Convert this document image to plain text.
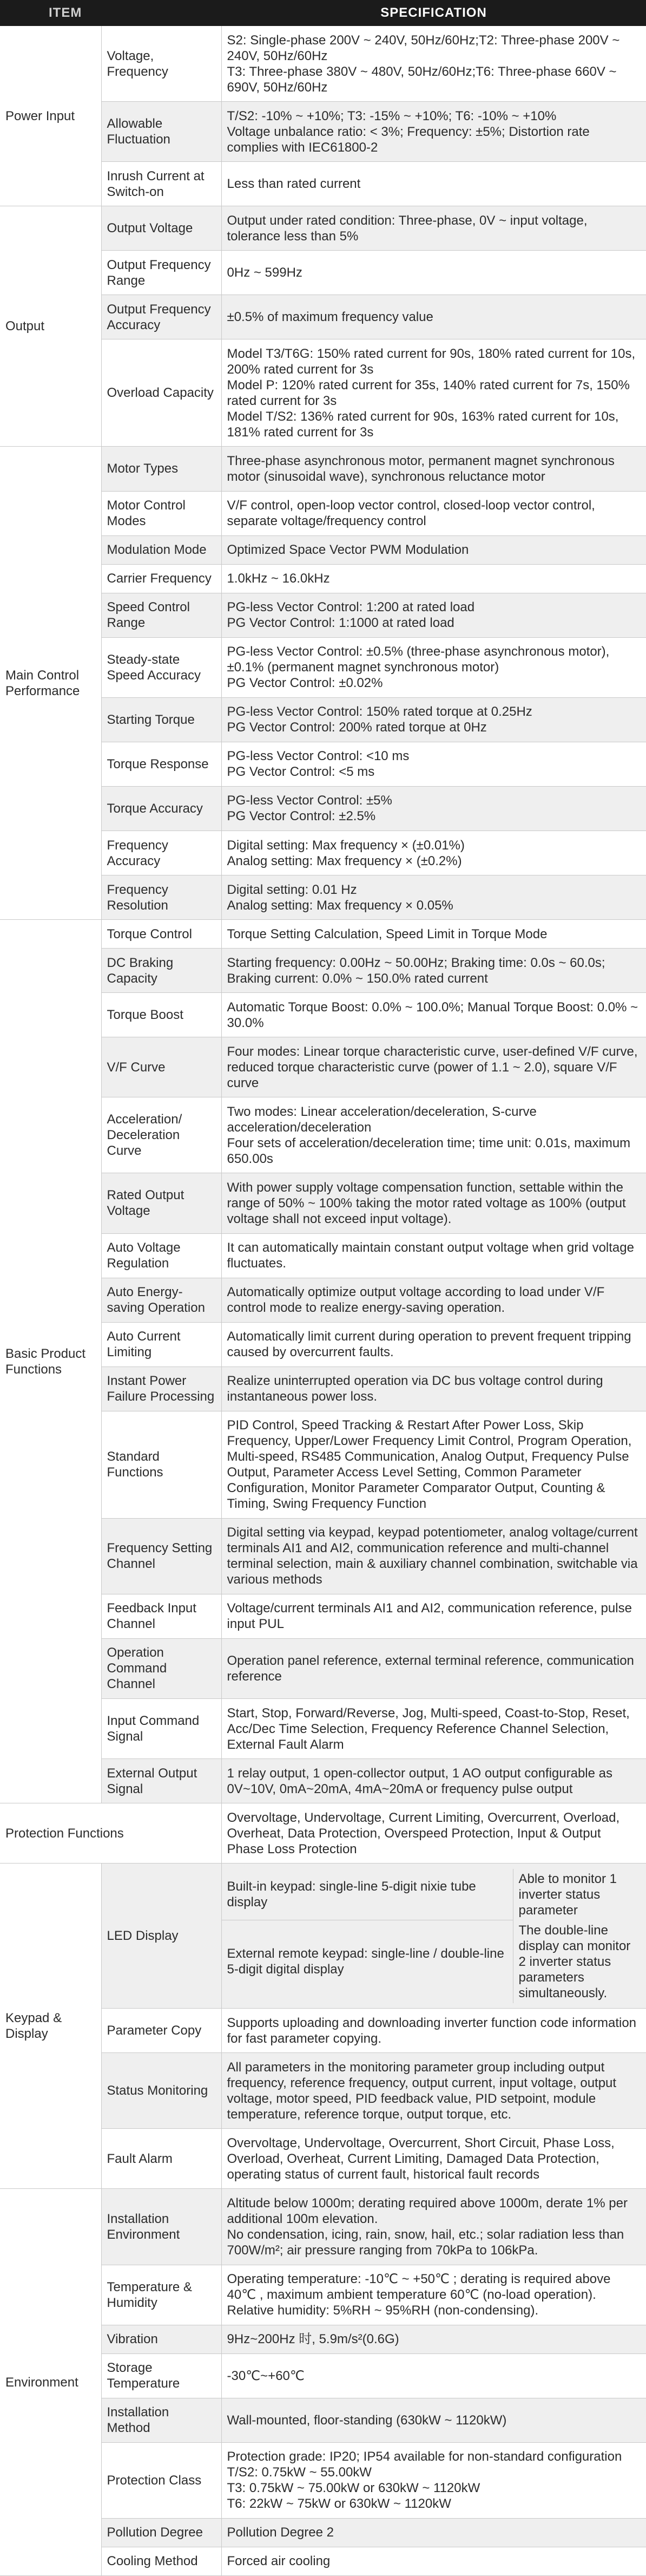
ITEM	SPECIFICATION
Power Input	Voltage, Frequency	
S2: Single-phase 200V ~ 240V, 50Hz/60Hz;T2: Three-phase 200V ~ 240V, 50Hz/60Hz
T3: Three-phase 380V ~ 480V, 50Hz/60Hz;T6: Three-phase 660V ~ 690V, 50Hz/60Hz

Allowable Fluctuation	
T/S2: -10% ~ +10%; T3: -15% ~ +10%; T6: -10% ~ +10%
Voltage unbalance ratio: < 3%; Frequency: ±5%; Distortion rate complies with IEC61800-2

Inrush Current at Switch-on	
Less than rated current

Output	Output Voltage	
Output under rated condition: Three-phase, 0V ~ input voltage, tolerance less than 5%

Output Frequency Range	
0Hz ~ 599Hz

Output Frequency Accuracy	
±0.5% of maximum frequency value

Overload Capacity	
Model T3/T6G: 150% rated current for 90s, 180% rated current for 10s, 200% rated current for 3s
Model P: 120% rated current for 35s, 140% rated current for 7s, 150% rated current for 3s
Model T/S2: 136% rated current for 90s, 163% rated current for 10s, 181% rated current for 3s

Main Control Performance	Motor Types	
Three-phase asynchronous motor, permanent magnet synchronous motor (sinusoidal wave), synchronous reluctance motor

Motor Control Modes	
V/F control, open-loop vector control, closed-loop vector control, separate voltage/frequency control

Modulation Mode	Optimized Space Vector PWM Modulation

Carrier Frequency	1.0kHz ~ 16.0kHz

Speed Control Range	
PG-less Vector Control: 1:200 at rated load
PG Vector Control: 1:1000 at rated load

Steady-state Speed Accuracy	
PG-less Vector Control: ±0.5% (three-phase asynchronous motor), ±0.1% (permanent magnet synchronous motor)
PG Vector Control: ±0.02%

Starting Torque	
PG-less Vector Control: 150% rated torque at 0.25Hz
PG Vector Control: 200% rated torque at 0Hz

Torque Response	
PG-less Vector Control: <10 ms
PG Vector Control: <5 ms

Torque Accuracy	
PG-less Vector Control: ±5%
PG Vector Control: ±2.5%

Frequency Accuracy	
Digital setting: Max frequency × (±0.01%)
Analog setting: Max frequency × (±0.2%)

Frequency Resolution	
Digital setting: 0.01 Hz
Analog setting: Max frequency × 0.05%

Basic Product Functions	Torque Control	Torque Setting Calculation, Speed Limit in Torque Mode

DC Braking Capacity	
Starting frequency: 0.00Hz ~ 50.00Hz; Braking time: 0.0s ~ 60.0s; Braking current: 0.0% ~ 150.0% rated current

Torque Boost	
Automatic Torque Boost: 0.0% ~ 100.0%; Manual Torque Boost: 0.0% ~ 30.0%

V/F Curve	
Four modes: Linear torque characteristic curve, user-defined V/F curve, reduced torque characteristic curve (power of 1.1 ~ 2.0), square V/F curve

Acceleration/ Deceleration Curve	
Two modes: Linear acceleration/deceleration, S-curve acceleration/deceleration
Four sets of acceleration/deceleration time; time unit: 0.01s, maximum 650.00s

Rated Output Voltage	
With power supply voltage compensation function, settable within the range of 50% ~ 100% taking the motor rated voltage as 100% (output voltage shall not exceed input voltage).

Auto Voltage Regulation	
It can automatically maintain constant output voltage when grid voltage fluctuates.

Auto Energy-saving Operation	
Automatically optimize output voltage according to load under V/F control mode to realize energy-saving operation.

Auto Current Limiting	
Automatically limit current during operation to prevent frequent tripping caused by overcurrent faults.

Instant Power Failure Processing	
Realize uninterrupted operation via DC bus voltage control during instantaneous power loss.

Standard Functions	
PID Control, Speed Tracking & Restart After Power Loss, Skip Frequency, Upper/Lower Frequency Limit Control, Program Operation, Multi-speed, RS485 Communication, Analog Output, Frequency Pulse Output, Parameter Access Level Setting, Common Parameter Configuration, Monitor Parameter Comparator Output, Counting & Timing, Swing Frequency Function

Frequency Setting Channel	
Digital setting via keypad, keypad potentiometer, analog voltage/current terminals AI1 and AI2, communication reference and multi-channel terminal selection, main & auxiliary channel combination, switchable via various methods

Feedback Input Channel	
Voltage/current terminals AI1 and AI2, communication reference, pulse input PUL

Operation Command Channel	
Operation panel reference, external terminal reference, communication reference

Input Command Signal	
Start, Stop, Forward/Reverse, Jog, Multi-speed, Coast-to-Stop, Reset, Acc/Dec Time Selection, Frequency Reference Channel Selection, External Fault Alarm

External Output Signal	
1 relay output, 1 open-collector output, 1 AO output configurable as 0V~10V, 0mA~20mA, 4mA~20mA or frequency pulse output

Protection Functions	
Overvoltage, Undervoltage, Current Limiting, Overcurrent, Overload, Overheat, Data Protection, Overspeed Protection, Input & Output Phase Loss Protection

Keypad & Display	LED Display	
Built-in keypad: single-line 5-digit nixie tube display	Able to monitor 1 inverter status parameter
External remote keypad: single-line / double-line 5-digit digital display	The double-line display can monitor 2 inverter status parameters simultaneously.

Parameter Copy	
Supports uploading and downloading inverter function code information for fast parameter copying.

Status Monitoring	
All parameters in the monitoring parameter group including output frequency, reference frequency, output current, input voltage, output voltage, motor speed, PID feedback value, PID setpoint, module temperature, reference torque, output torque, etc.

Fault Alarm	
Overvoltage, Undervoltage, Overcurrent, Short Circuit, Phase Loss, Overload, Overheat, Current Limiting, Damaged Data Protection, operating status of current fault, historical fault records

Environment	Installation Environment	
Altitude below 1000m; derating required above 1000m, derate 1% per additional 100m elevation.
No condensation, icing, rain, snow, hail, etc.; solar radiation less than 700W/m²; air pressure ranging from 70kPa to 106kPa.

Temperature & Humidity	
Operating temperature: -10℃ ~ +50℃ ; derating is required above 40℃ , maximum ambient temperature 60℃ (no-load operation).
Relative humidity: 5%RH ~ 95%RH (non-condensing).

Vibration	9Hz~200Hz 时, 5.9m/s²(0.6G)

Storage Temperature	
-30℃~+60℃

Installation Method	
Wall-mounted, floor-standing (630kW ~ 1120kW)

Protection Class	
Protection grade: IP20; IP54 available for non-standard configuration
T/S2: 0.75kW ~ 55.00kW
T3: 0.75kW ~ 75.00kW or 630kW ~ 1120kW
T6: 22kW ~ 75kW or 630kW ~ 1120kW

Pollution Degree	Pollution Degree 2

Cooling Method	Forced air cooling
